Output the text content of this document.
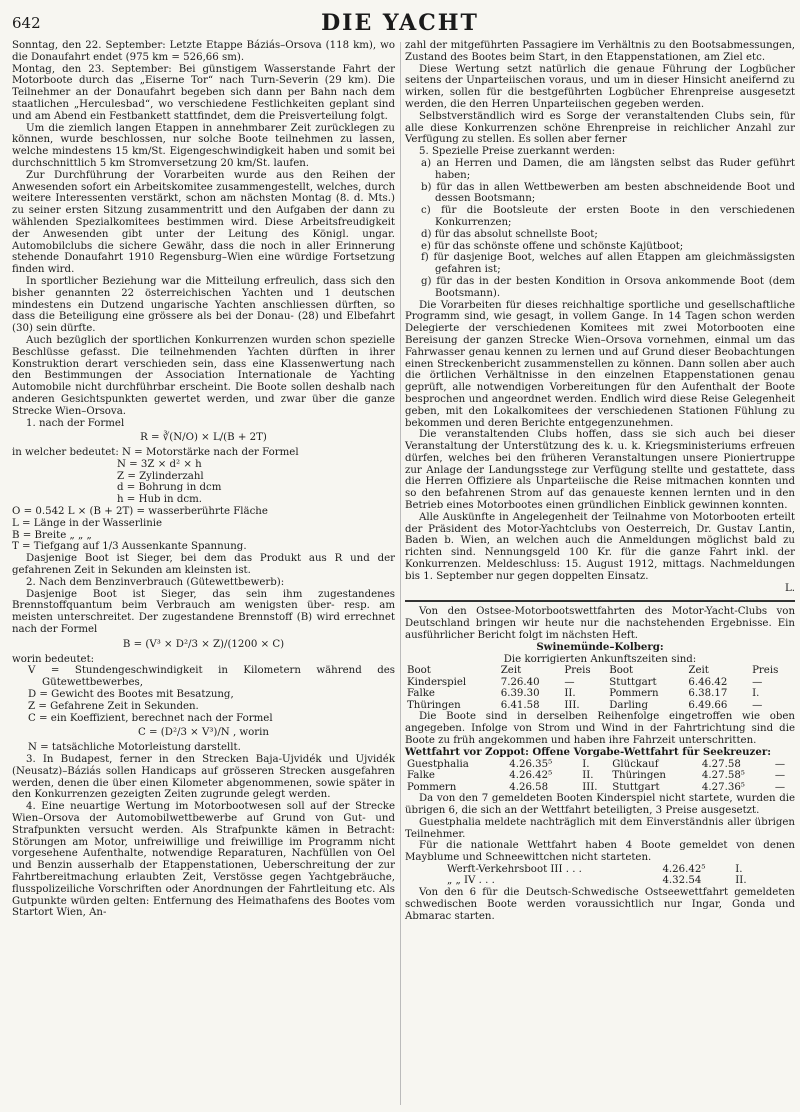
642	DIE YACHT

Sonntag, den 22. September: Letzte Etappe Báziás–Orsova (118 km), wo die Donaufahrt endet (975 km = 526,66 sm).

Montag, den 23. September: Bei günstigem Wasserstande Fahrt der Motorboote durch das „Eiserne Tor“ nach Turn-Severin (29 km). Die Teilnehmer an der Donaufahrt begeben sich dann per Bahn nach dem staatlichen „Herculesbad“, wo verschiedene Festlichkeiten geplant sind und am Abend ein Festbankett stattfindet, dem die Preisverteilung folgt.

Um die ziemlich langen Etappen in annehmbarer Zeit zurücklegen zu können, wurde beschlossen, nur solche Boote teilnehmen zu lassen, welche mindestens 15 km/St. Eigengeschwindigkeit haben und somit bei durchschnittlich 5 km Stromversetzung 20 km/St. laufen.

Zur Durchführung der Vorarbeiten wurde aus den Reihen der Anwesenden sofort ein Arbeitskomitee zusammengestellt, welches, durch weitere Interessenten verstärkt, schon am nächsten Montag (8. d. Mts.) zu seiner ersten Sitzung zusammentritt und den Aufgaben der dann zu wählenden Spezialkomitees bestimmen wird. Diese Arbeitsfreudigkeit der Anwesenden gibt unter der Leitung des Königl. ungar. Automobilclubs die sichere Gewähr, dass die noch in aller Erinnerung stehende Donaufahrt 1910 Regensburg–Wien eine würdige Fortsetzung finden wird.

In sportlicher Beziehung war die Mitteilung erfreulich, dass sich den bisher genannten 22 österreichischen Yachten und 1 deutschen mindestens ein Dutzend ungarische Yachten anschliessen dürften, so dass die Beteiligung eine grössere als bei der Donau- (28) und Elbefahrt (30) sein dürfte.

Auch bezüglich der sportlichen Konkurrenzen wurden schon spezielle Beschlüsse gefasst. Die teilnehmenden Yachten dürften in ihrer Konstruktion derart verschieden sein, dass eine Klassenwertung nach den Bestimmungen der Association Internationale de Yachting Automobile nicht durchführbar erscheint. Die Boote sollen deshalb nach anderen Gesichtspunkten gewertet werden, und zwar über die ganze Strecke Wien–Orsova.

1. nach der Formel

R = ∛(N/O) × L/(B + 2T)

in welcher bedeutet: N = Motorstärke nach der Formel

N = 3Z × d² × h
Z = Zylinderzahl
d = Bohrung in dcm
h = Hub in dcm.

O = 0.542 L × (B + 2T) = wasserberührte Fläche

L = Länge in der Wasserlinie

B = Breite „ „ „

T = Tiefgang auf 1/3 Aussenkante Spannung.

Dasjenige Boot ist Sieger, bei dem das Produkt aus R und der gefahrenen Zeit in Sekunden am kleinsten ist.

2. Nach dem Benzinverbrauch (Gütewettbewerb):

Dasjenige Boot ist Sieger, das sein ihm zugestandenes Brennstoffquantum beim Verbrauch am wenigsten über- resp. am meisten unterschreitet. Der zugestandene Brennstoff (B) wird errechnet nach der Formel

B = (V³ × D²/3 × Z)/(1200 × C)

worin bedeutet:

V = Stundengeschwindigkeit in Kilometern während des Gütewettbewerbes,

D = Gewicht des Bootes mit Besatzung,

Z = Gefahrene Zeit in Sekunden.

C = ein Koeffizient, berechnet nach der Formel

C = (D²/3 × V³)/N , worin

N = tatsächliche Motorleistung darstellt.

3. In Budapest, ferner in den Strecken Baja-Ujvidék und Ujvidék (Neusatz)–Báziás sollen Handicaps auf grösseren Strecken ausgefahren werden, denen die über einen Kilometer abgenommenen, sowie später in den Konkurrenzen gezeigten Zeiten zugrunde gelegt werden.

4. Eine neuartige Wertung im Motorbootwesen soll auf der Strecke Wien–Orsova der Automobilwettbewerbe auf Grund von Gut- und Strafpunkten versucht werden. Als Strafpunkte kämen in Betracht: Störungen am Motor, unfreiwillige und freiwillige im Programm nicht vorgesehene Aufenthalte, notwendige Reparaturen, Nachfüllen von Oel und Benzin ausserhalb der Etappenstationen, Ueberschreitung der zur Fahrtbereitmachung erlaubten Zeit, Verstösse gegen Yachtgebräuche, flusspolizeiliche Vorschriften oder Anordnungen der Fahrtleitung etc. Als Gutpunkte würden gelten: Entfernung des Heimathafens des Bootes vom Startort Wien, An-

zahl der mitgeführten Passagiere im Verhältnis zu den Bootsabmessungen, Zustand des Bootes beim Start, in den Etappenstationen, am Ziel etc.

Diese Wertung setzt natürlich die genaue Führung der Logbücher seitens der Unparteiischen voraus, und um in dieser Hinsicht aneifernd zu wirken, sollen für die bestgeführten Logbücher Ehrenpreise ausgesetzt werden, die den Herren Unparteiischen gegeben werden.

Selbstverständlich wird es Sorge der veranstaltenden Clubs sein, für alle diese Konkurrenzen schöne Ehrenpreise in reichlicher Anzahl zur Verfügung zu stellen. Es sollen aber ferner

5. Spezielle Preise zuerkannt werden:

a) an Herren und Damen, die am längsten selbst das Ruder geführt haben;

b) für das in allen Wettbewerben am besten abschneidende Boot und dessen Bootsmann;

c) für die Bootsleute der ersten Boote in den verschiedenen Konkurrenzen;

d) für das absolut schnellste Boot;

e) für das schönste offene und schönste Kajütboot;

f) für dasjenige Boot, welches auf allen Etappen am gleichmässigsten gefahren ist;

g) für das in der besten Kondition in Orsova ankommende Boot (dem Bootsmann).

Die Vorarbeiten für dieses reichhaltige sportliche und gesellschaftliche Programm sind, wie gesagt, in vollem Gange. In 14 Tagen schon werden Delegierte der verschiedenen Komitees mit zwei Motorbooten eine Bereisung der ganzen Strecke Wien–Orsova vornehmen, einmal um das Fahrwasser genau kennen zu lernen und auf Grund dieser Beobachtungen einen Streckenbericht zusammenstellen zu können. Dann sollen aber auch die örtlichen Verhältnisse in den einzelnen Etappenstationen genau geprüft, alle notwendigen Vorbereitungen für den Aufenthalt der Boote besprochen und angeordnet werden. Endlich wird diese Reise Gelegenheit geben, mit den Lokalkomitees der verschiedenen Stationen Fühlung zu bekommen und deren Berichte entgegenzunehmen.

Die veranstaltenden Clubs hoffen, dass sie sich auch bei dieser Veranstaltung der Unterstützung des k. u. k. Kriegsministeriums erfreuen dürfen, welches bei den früheren Veranstaltungen unsere Pioniertruppe zur Anlage der Landungsstege zur Verfügung stellte und gestattete, dass die Herren Offiziere als Unparteiische die Reise mitmachen konnten und so den befahrenen Strom auf das genaueste kennen lernten und in den Betrieb eines Motorbootes einen gründlichen Einblick gewinnen konnten.

Alle Auskünfte in Angelegenheit der Teilnahme von Motorbooten erteilt der Präsident des Motor-Yachtclubs von Oesterreich, Dr. Gustav Lantin, Baden b. Wien, an welchen auch die Anmeldungen möglichst bald zu richten sind. Nennungsgeld 100 Kr. für die ganze Fahrt inkl. der Konkurrenzen. Meldeschluss: 15. August 1912, mittags. Nachmeldungen bis 1. September nur gegen doppelten Einsatz.

L.

Von den Ostsee-Motorbootswettfahrten des Motor-Yacht-Clubs von Deutschland bringen wir heute nur die nachstehenden Ergebnisse. Ein ausführlicher Bericht folgt im nächsten Heft.

Swinemünde–Kolberg:

Die korrigierten Ankunftszeiten sind:

Boot	Zeit	Preis	Boot	Zeit	Preis
Kinderspiel	7.26.40	—	Stuttgart	6.46.42	—
Falke	6.39.30	II.	Pommern	6.38.17	I.
Thüringen	6.41.58	III.	Darling	6.49.66	—

Die Boote sind in derselben Reihenfolge eingetroffen wie oben angegeben. Infolge von Strom und Wind in der Fahrtrichtung sind die Boote zu früh angekommen und haben ihre Fahrzeit unterschritten.

Wettfahrt vor Zoppot: Offene Vorgabe-Wettfahrt für Seekreuzer:

Guestphalia	4.26.35⁵	I.	Glückauf	4.27.58	—
Falke	4.26.42⁵	II.	Thüringen	4.27.58⁵	—
Pommern	4.26.58	III.	Stuttgart	4.27.36⁵	—

Da von den 7 gemeldeten Booten Kinderspiel nicht startete, wurden die übrigen 6, die sich an der Wettfahrt beteiligten, 3 Preise ausgesetzt.

Guestphalia meldete nachträglich mit dem Einverständnis aller übrigen Teilnehmer.

Für die nationale Wettfahrt haben 4 Boote gemeldet von denen Mayblume und Schneewittchen nicht starteten.

Werft-Verkehrsboot III . . .	4.26.42⁵	I.
„ „ IV . . .	4.32.54	II.

Von den 6 für die Deutsch-Schwedische Ostseewettfahrt gemeldeten schwedischen Boote werden voraussichtlich nur Ingar, Gonda und Abmarac starten.
